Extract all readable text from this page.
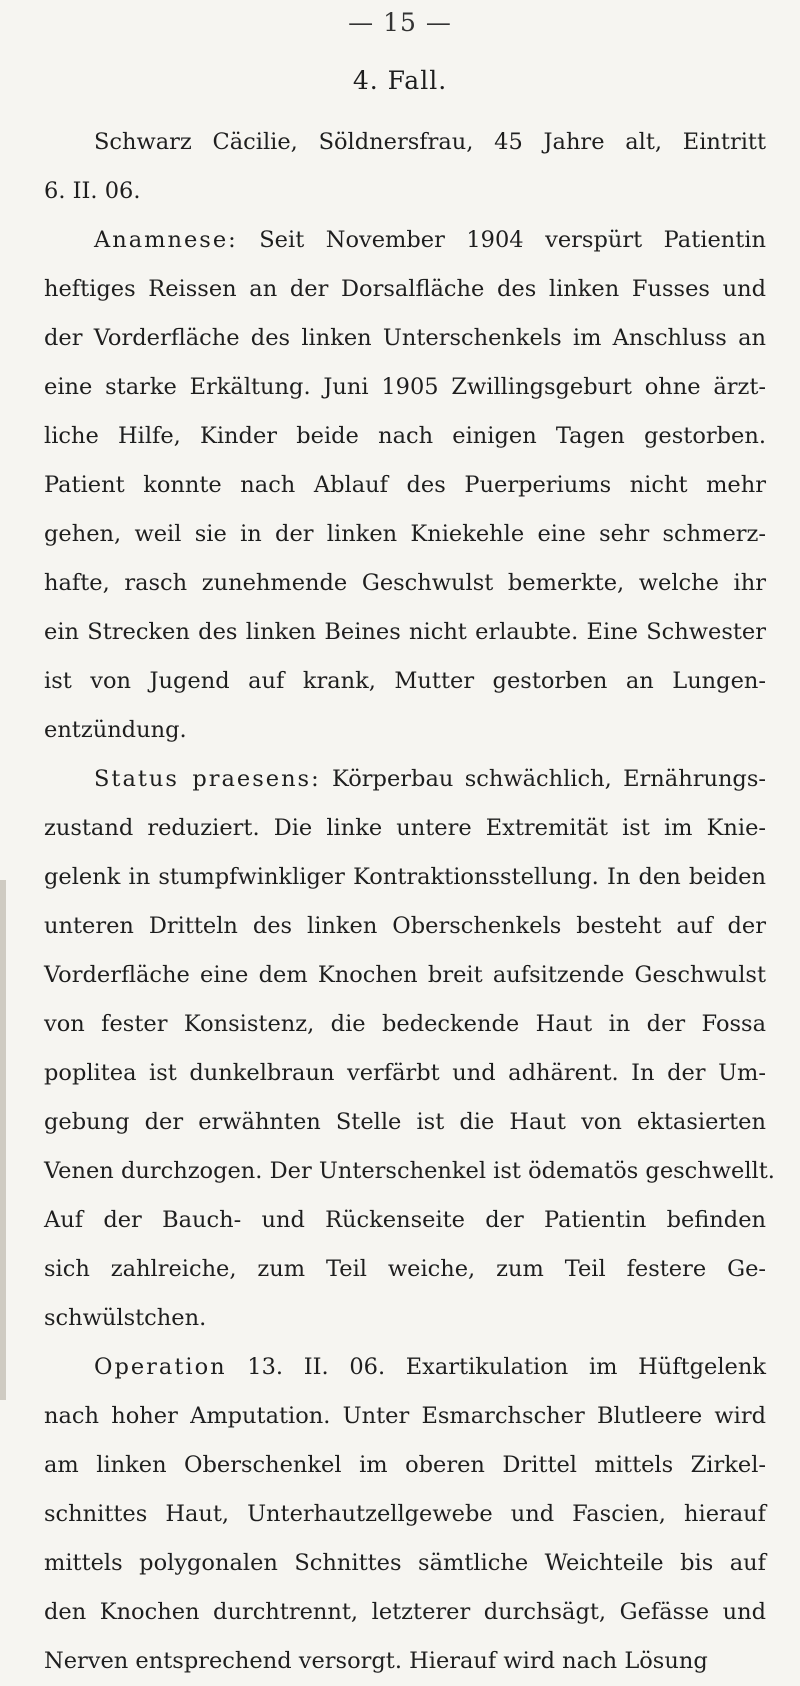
— 15 —
4. Fall.
Schwarz Cäcilie, Söldnersfrau, 45 Jahre alt, Eintritt
6. II. 06.
Anamnese: Seit November 1904 verspürt Patientin
heftiges Reissen an der Dorsalfläche des linken Fusses und
der Vorderfläche des linken Unterschenkels im Anschluss an
eine starke Erkältung. Juni 1905 Zwillingsgeburt ohne ärzt-
liche Hilfe, Kinder beide nach einigen Tagen gestorben.
Patient konnte nach Ablauf des Puerperiums nicht mehr
gehen, weil sie in der linken Kniekehle eine sehr schmerz-
hafte, rasch zunehmende Geschwulst bemerkte, welche ihr
ein Strecken des linken Beines nicht erlaubte. Eine Schwester
ist von Jugend auf krank, Mutter gestorben an Lungen-
entzündung.
Status praesens: Körperbau schwächlich, Ernährungs-
zustand reduziert. Die linke untere Extremität ist im Knie-
gelenk in stumpfwinkliger Kontraktionsstellung. In den beiden
unteren Dritteln des linken Oberschenkels besteht auf der
Vorderfläche eine dem Knochen breit aufsitzende Geschwulst
von fester Konsistenz, die bedeckende Haut in der Fossa
poplitea ist dunkelbraun verfärbt und adhärent. In der Um-
gebung der erwähnten Stelle ist die Haut von ektasierten
Venen durchzogen. Der Unterschenkel ist ödematös geschwellt.
Auf der Bauch- und Rückenseite der Patientin befinden
sich zahlreiche, zum Teil weiche, zum Teil festere Ge-
schwülstchen.
Operation 13. II. 06. Exartikulation im Hüftgelenk
nach hoher Amputation. Unter Esmarchscher Blutleere wird
am linken Oberschenkel im oberen Drittel mittels Zirkel-
schnittes Haut, Unterhautzellgewebe und Fascien, hierauf
mittels polygonalen Schnittes sämtliche Weichteile bis auf
den Knochen durchtrennt, letzterer durchsägt, Gefässe und
Nerven entsprechend versorgt. Hierauf wird nach Lösung
